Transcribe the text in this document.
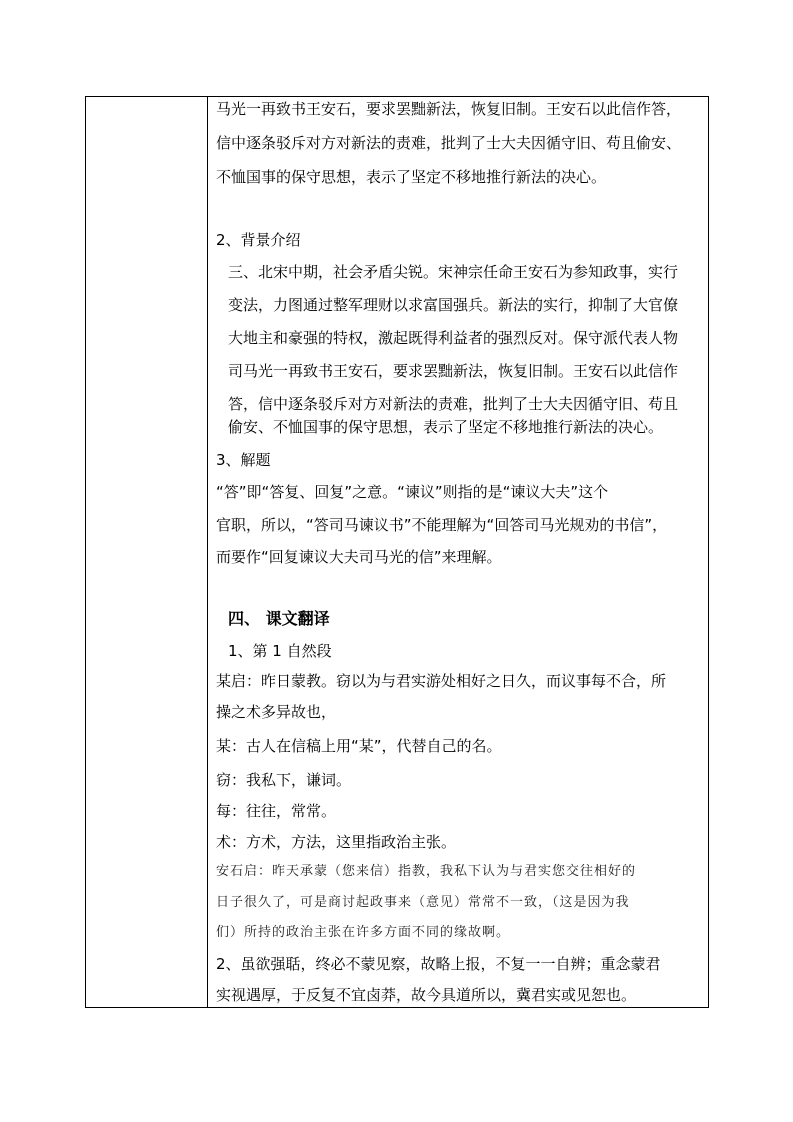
马光一再致书王安石，要求罢黜新法，恢复旧制。王安石以此信作答，
信中逐条驳斥对方对新法的责难，批判了士大夫因循守旧、苟且偷安、
不恤国事的保守思想，表示了坚定不移地推行新法的决心。
2、背景介绍
三、北宋中期，社会矛盾尖锐。宋神宗任命王安石为参知政事，实行
变法，力图通过整军理财以求富国强兵。新法的实行，抑制了大官僚
大地主和豪强的特权，激起既得利益者的强烈反对。保守派代表人物
司马光一再致书王安石，要求罢黜新法，恢复旧制。王安石以此信作
答，信中逐条驳斥对方对新法的责难，批判了士大夫因循守旧、苟且
偷安、不恤国事的保守思想，表示了坚定不移地推行新法的决心。
3、解题
“答”即“答复、回复”之意。“谏议”则指的是“谏议大夫”这个
官职，所以，“答司马谏议书”不能理解为“回答司马光规劝的书信”，
而要作“回复谏议大夫司马光的信”来理解。
四、 课文翻译
1、第 1 自然段
某启：昨日蒙教。窃以为与君实游处相好之日久，而议事每不合，所
操之术多异故也，
某：古人在信稿上用“某”，代替自己的名。
窃：我私下，谦词。
每：往往，常常。
术：方术，方法，这里指政治主张。
安石启：昨天承蒙（您来信）指教，我私下认为与君实您交往相好的
日子很久了，可是商讨起政事来（意见）常常不一致，（这是因为我
们）所持的政治主张在许多方面不同的缘故啊。
2、虽欲强聒，终必不蒙见察，故略上报，不复一一自辨；重念蒙君
实视遇厚，于反复不宜卤莽，故今具道所以，冀君实或见恕也。
